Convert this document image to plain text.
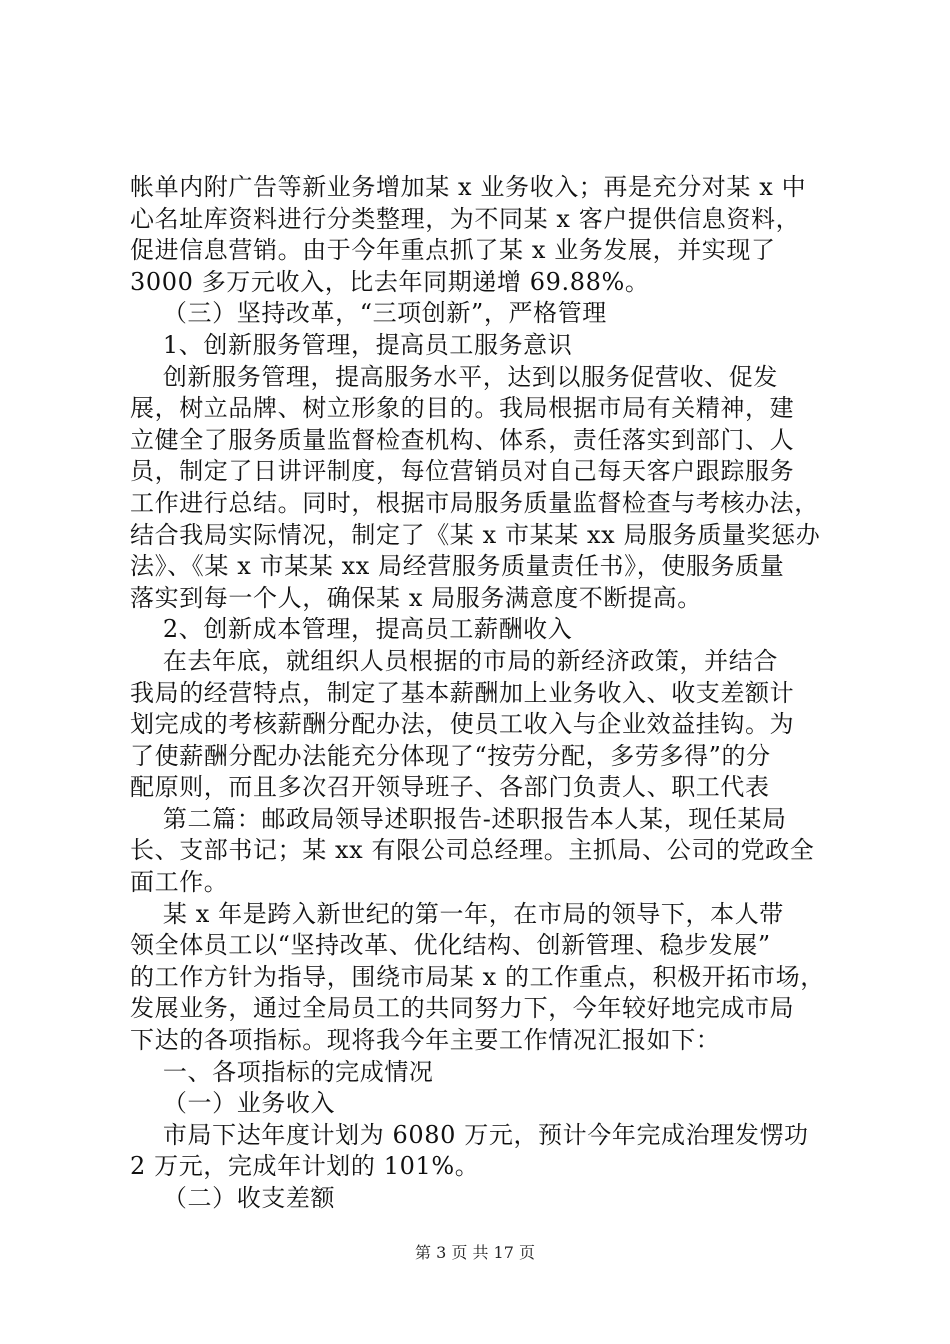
帐单内附广告等新业务增加某 x 业务收入；再是充分对某 x 中
心名址库资料进行分类整理，为不同某 x 客户提供信息资料，
促进信息营销。由于今年重点抓了某 x 业务发展，并实现了
3000 多万元收入，比去年同期递增 69.88%。
（三）坚持改革，“三项创新”，严格管理
1、创新服务管理，提高员工服务意识
创新服务管理，提高服务水平，达到以服务促营收、促发
展，树立品牌、树立形象的目的。我局根据市局有关精神，建
立健全了服务质量监督检查机构、体系，责任落实到部门、人
员，制定了日讲评制度，每位营销员对自己每天客户跟踪服务
工作进行总结。同时，根据市局服务质量监督检查与考核办法，
结合我局实际情况，制定了《某 x 市某某 xx 局服务质量奖惩办
法》、《某 x 市某某 xx 局经营服务质量责任书》，使服务质量
落实到每一个人，确保某 x 局服务满意度不断提高。
2、创新成本管理，提高员工薪酬收入
在去年底，就组织人员根据的市局的新经济政策，并结合
我局的经营特点，制定了基本薪酬加上业务收入、收支差额计
划完成的考核薪酬分配办法，使员工收入与企业效益挂钩。为
了使薪酬分配办法能充分体现了“按劳分配，多劳多得”的分
配原则，而且多次召开领导班子、各部门负责人、职工代表
第二篇：邮政局领导述职报告-述职报告本人某，现任某局
长、支部书记；某 xx 有限公司总经理。主抓局、公司的党政全
面工作。
某 x 年是跨入新世纪的第一年，在市局的领导下，本人带
领全体员工以“坚持改革、优化结构、创新管理、稳步发展”
的工作方针为指导，围绕市局某 x 的工作重点，积极开拓市场，
发展业务，通过全局员工的共同努力下，今年较好地完成市局
下达的各项指标。现将我今年主要工作情况汇报如下：
一、各项指标的完成情况
（一）业务收入
市局下达年度计划为 6080 万元，预计今年完成治理发愣功
2 万元，完成年计划的 101%。
（二）收支差额
第 3 页 共 17 页
